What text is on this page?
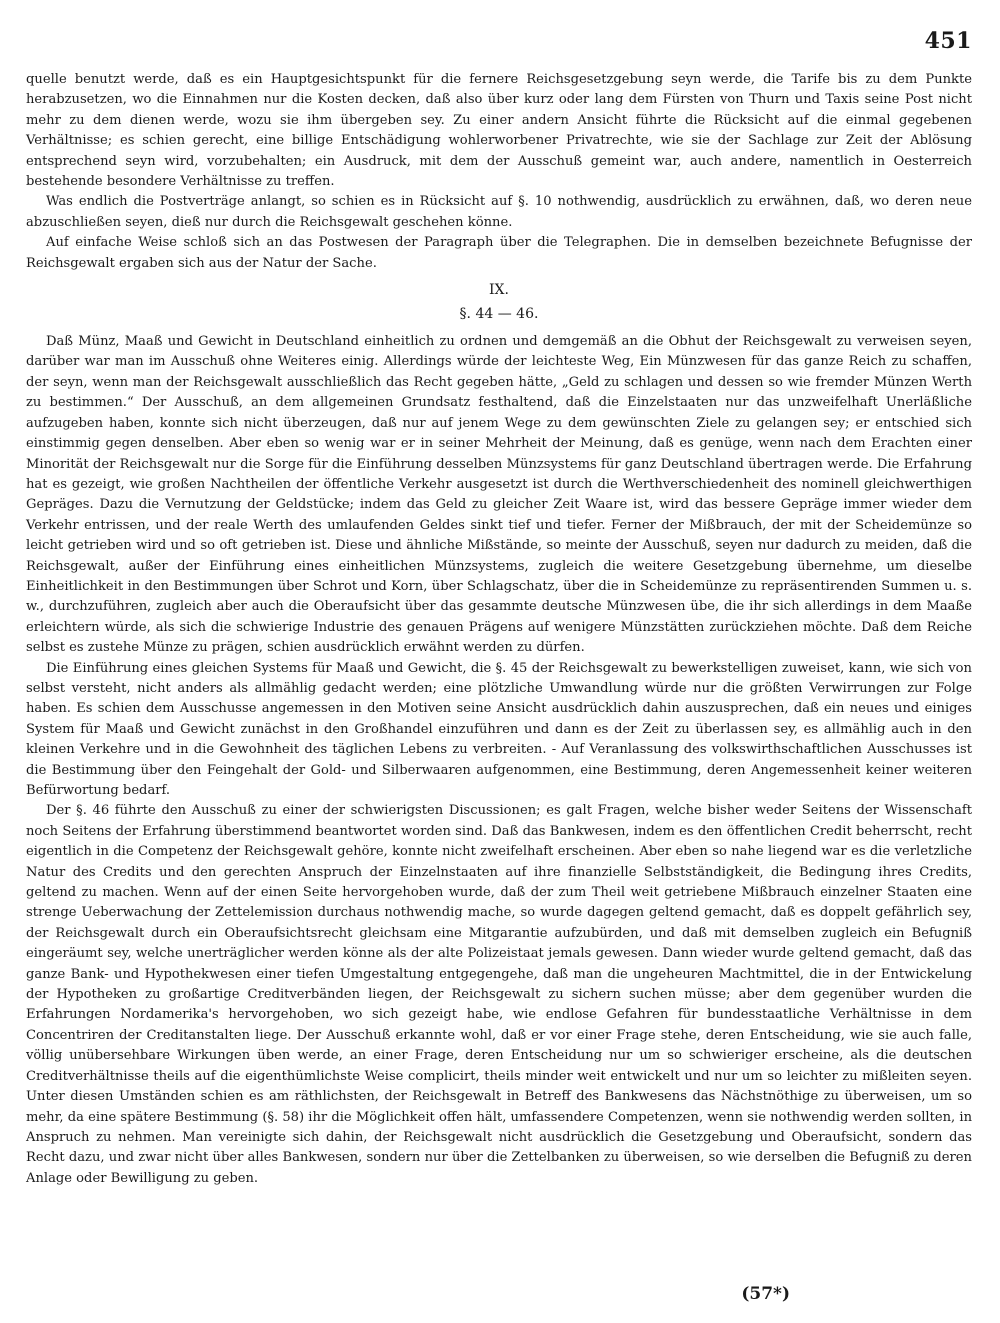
451

quelle benutzt werde, daß es ein Hauptgesichtspunkt für die fernere Reichsgesetzgebung seyn werde, die Tarife bis zu dem Punkte herabzusetzen, wo die Einnahmen nur die Kosten decken, daß also über kurz oder lang dem Fürsten von Thurn und Taxis seine Post nicht mehr zu dem dienen werde, wozu sie ihm übergeben sey. Zu einer andern Ansicht führte die Rücksicht auf die einmal gegebenen Verhältnisse; es schien gerecht, eine billige Entschädigung wohlerworbener Privatrechte, wie sie der Sachlage zur Zeit der Ablösung entsprechend seyn wird, vorzubehalten; ein Ausdruck, mit dem der Ausschuß gemeint war, auch andere, namentlich in Oesterreich bestehende besondere Verhältnisse zu treffen.

Was endlich die Postverträge anlangt, so schien es in Rücksicht auf §. 10 nothwendig, ausdrücklich zu erwähnen, daß, wo deren neue abzuschließen seyen, dieß nur durch die Reichsgewalt geschehen könne.

Auf einfache Weise schloß sich an das Postwesen der Paragraph über die Telegraphen. Die in demselben bezeichnete Befugnisse der Reichsgewalt ergaben sich aus der Natur der Sache.

IX.
§. 44 — 46.

Daß Münz, Maaß und Gewicht in Deutschland einheitlich zu ordnen und demgemäß an die Obhut der Reichsgewalt zu verweisen seyen, darüber war man im Ausschuß ohne Weiteres einig. Allerdings würde der leichteste Weg, Ein Münzwesen für das ganze Reich zu schaffen, der seyn, wenn man der Reichsgewalt ausschließlich das Recht gegeben hätte, „Geld zu schlagen und dessen so wie fremder Münzen Werth zu bestimmen.“ Der Ausschuß, an dem allgemeinen Grundsatz festhaltend, daß die Einzelstaaten nur das unzweifelhaft Unerläßliche aufzugeben haben, konnte sich nicht überzeugen, daß nur auf jenem Wege zu dem gewünschten Ziele zu gelangen sey; er entschied sich einstimmig gegen denselben. Aber eben so wenig war er in seiner Mehrheit der Meinung, daß es genüge, wenn nach dem Erachten einer Minorität der Reichsgewalt nur die Sorge für die Einführung desselben Münzsystems für ganz Deutschland übertragen werde. Die Erfahrung hat es gezeigt, wie großen Nachtheilen der öffentliche Verkehr ausgesetzt ist durch die Werthverschiedenheit des nominell gleichwerthigen Gepräges. Dazu die Vernutzung der Geldstücke; indem das Geld zu gleicher Zeit Waare ist, wird das bessere Gepräge immer wieder dem Verkehr entrissen, und der reale Werth des umlaufenden Geldes sinkt tief und tiefer. Ferner der Mißbrauch, der mit der Scheidemünze so leicht getrieben wird und so oft getrieben ist. Diese und ähnliche Mißstände, so meinte der Ausschuß, seyen nur dadurch zu meiden, daß die Reichsgewalt, außer der Einführung eines einheitlichen Münzsystems, zugleich die weitere Gesetzgebung übernehme, um dieselbe Einheitlichkeit in den Bestimmungen über Schrot und Korn, über Schlagschatz, über die in Scheidemünze zu repräsentirenden Summen u. s. w., durchzuführen, zugleich aber auch die Oberaufsicht über das gesammte deutsche Münzwesen übe, die ihr sich allerdings in dem Maaße erleichtern würde, als sich die schwierige Industrie des genauen Prägens auf wenigere Münzstätten zurückziehen möchte. Daß dem Reiche selbst es zustehe Münze zu prägen, schien ausdrücklich erwähnt werden zu dürfen.

Die Einführung eines gleichen Systems für Maaß und Gewicht, die §. 45 der Reichsgewalt zu bewerkstelligen zuweiset, kann, wie sich von selbst versteht, nicht anders als allmählig gedacht werden; eine plötzliche Umwandlung würde nur die größten Verwirrungen zur Folge haben. Es schien dem Ausschusse angemessen in den Motiven seine Ansicht ausdrücklich dahin auszusprechen, daß ein neues und einiges System für Maaß und Gewicht zunächst in den Großhandel einzuführen und dann es der Zeit zu überlassen sey, es allmählig auch in den kleinen Verkehre und in die Gewohnheit des täglichen Lebens zu verbreiten. - Auf Veranlassung des volkswirthschaftlichen Ausschusses ist die Bestimmung über den Feingehalt der Gold- und Silberwaaren aufgenommen, eine Bestimmung, deren Angemessenheit keiner weiteren Befürwortung bedarf.

Der §. 46 führte den Ausschuß zu einer der schwierigsten Discussionen; es galt Fragen, welche bisher weder Seitens der Wissenschaft noch Seitens der Erfahrung überstimmend beantwortet worden sind. Daß das Bankwesen, indem es den öffentlichen Credit beherrscht, recht eigentlich in die Competenz der Reichsgewalt gehöre, konnte nicht zweifelhaft erscheinen. Aber eben so nahe liegend war es die verletzliche Natur des Credits und den gerechten Anspruch der Einzelnstaaten auf ihre finanzielle Selbstständigkeit, die Bedingung ihres Credits, geltend zu machen. Wenn auf der einen Seite hervorgehoben wurde, daß der zum Theil weit getriebene Mißbrauch einzelner Staaten eine strenge Ueberwachung der Zettelemission durchaus nothwendig mache, so wurde dagegen geltend gemacht, daß es doppelt gefährlich sey, der Reichsgewalt durch ein Oberaufsichtsrecht gleichsam eine Mitgarantie aufzubürden, und daß mit demselben zugleich ein Befugniß eingeräumt sey, welche unerträglicher werden könne als der alte Polizeistaat jemals gewesen. Dann wieder wurde geltend gemacht, daß das ganze Bank- und Hypothekwesen einer tiefen Umgestaltung entgegengehe, daß man die ungeheuren Machtmittel, die in der Entwickelung der Hypotheken zu großartige Creditverbänden liegen, der Reichsgewalt zu sichern suchen müsse; aber dem gegenüber wurden die Erfahrungen Nordamerika's hervorgehoben, wo sich gezeigt habe, wie endlose Gefahren für bundesstaatliche Verhältnisse in dem Concentriren der Creditanstalten liege. Der Ausschuß erkannte wohl, daß er vor einer Frage stehe, deren Entscheidung, wie sie auch falle, völlig unübersehbare Wirkungen üben werde, an einer Frage, deren Entscheidung nur um so schwieriger erscheine, als die deutschen Creditverhältnisse theils auf die eigenthümlichste Weise complicirt, theils minder weit entwickelt und nur um so leichter zu mißleiten seyen. Unter diesen Umständen schien es am räthlichsten, der Reichsgewalt in Betreff des Bankwesens das Nächstnöthige zu überweisen, um so mehr, da eine spätere Bestimmung (§. 58) ihr die Möglichkeit offen hält, umfassendere Competenzen, wenn sie nothwendig werden sollten, in Anspruch zu nehmen. Man vereinigte sich dahin, der Reichsgewalt nicht ausdrücklich die Gesetzgebung und Oberaufsicht, sondern das Recht dazu, und zwar nicht über alles Bankwesen, sondern nur über die Zettelbanken zu überweisen, so wie derselben die Befugniß zu deren Anlage oder Bewilligung zu geben.

(57*)
